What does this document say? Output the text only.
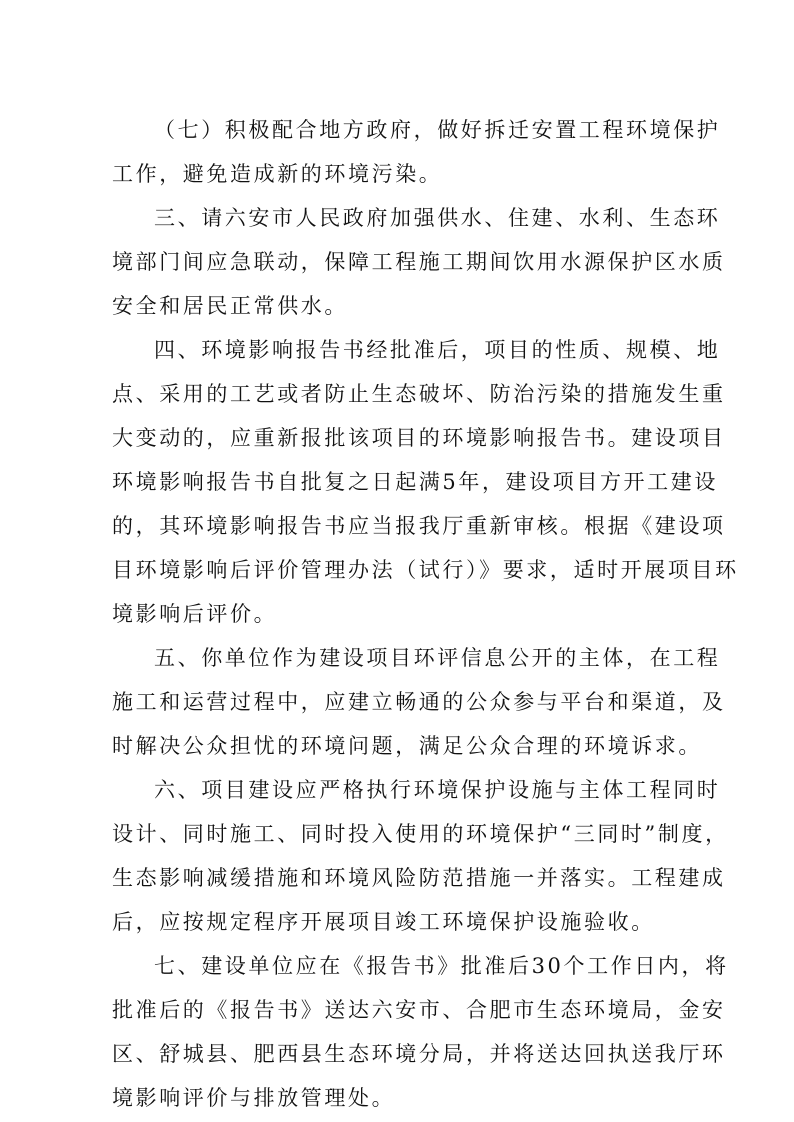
（七）积极配合地方政府，做好拆迁安置工程环境保护
工作，避免造成新的环境污染。
三、请六安市人民政府加强供水、住建、水利、生态环
境部门间应急联动，保障工程施工期间饮用水源保护区水质
安全和居民正常供水。
四、环境影响报告书经批准后，项目的性质、规模、地
点、采用的工艺或者防止生态破坏、防治污染的措施发生重
大变动的，应重新报批该项目的环境影响报告书。建设项目
环境影响报告书自批复之日起满5年，建设项目方开工建设
的，其环境影响报告书应当报我厅重新审核。根据《建设项
目环境影响后评价管理办法（试行）》要求，适时开展项目环
境影响后评价。
五、你单位作为建设项目环评信息公开的主体，在工程
施工和运营过程中，应建立畅通的公众参与平台和渠道，及
时解决公众担忧的环境问题，满足公众合理的环境诉求。
六、项目建设应严格执行环境保护设施与主体工程同时
设计、同时施工、同时投入使用的环境保护“三同时”制度，
生态影响减缓措施和环境风险防范措施一并落实。工程建成
后，应按规定程序开展项目竣工环境保护设施验收。
七、建设单位应在《报告书》批准后30个工作日内，将
批准后的《报告书》送达六安市、合肥市生态环境局，金安
区、舒城县、肥西县生态环境分局，并将送达回执送我厅环
境影响评价与排放管理处。
